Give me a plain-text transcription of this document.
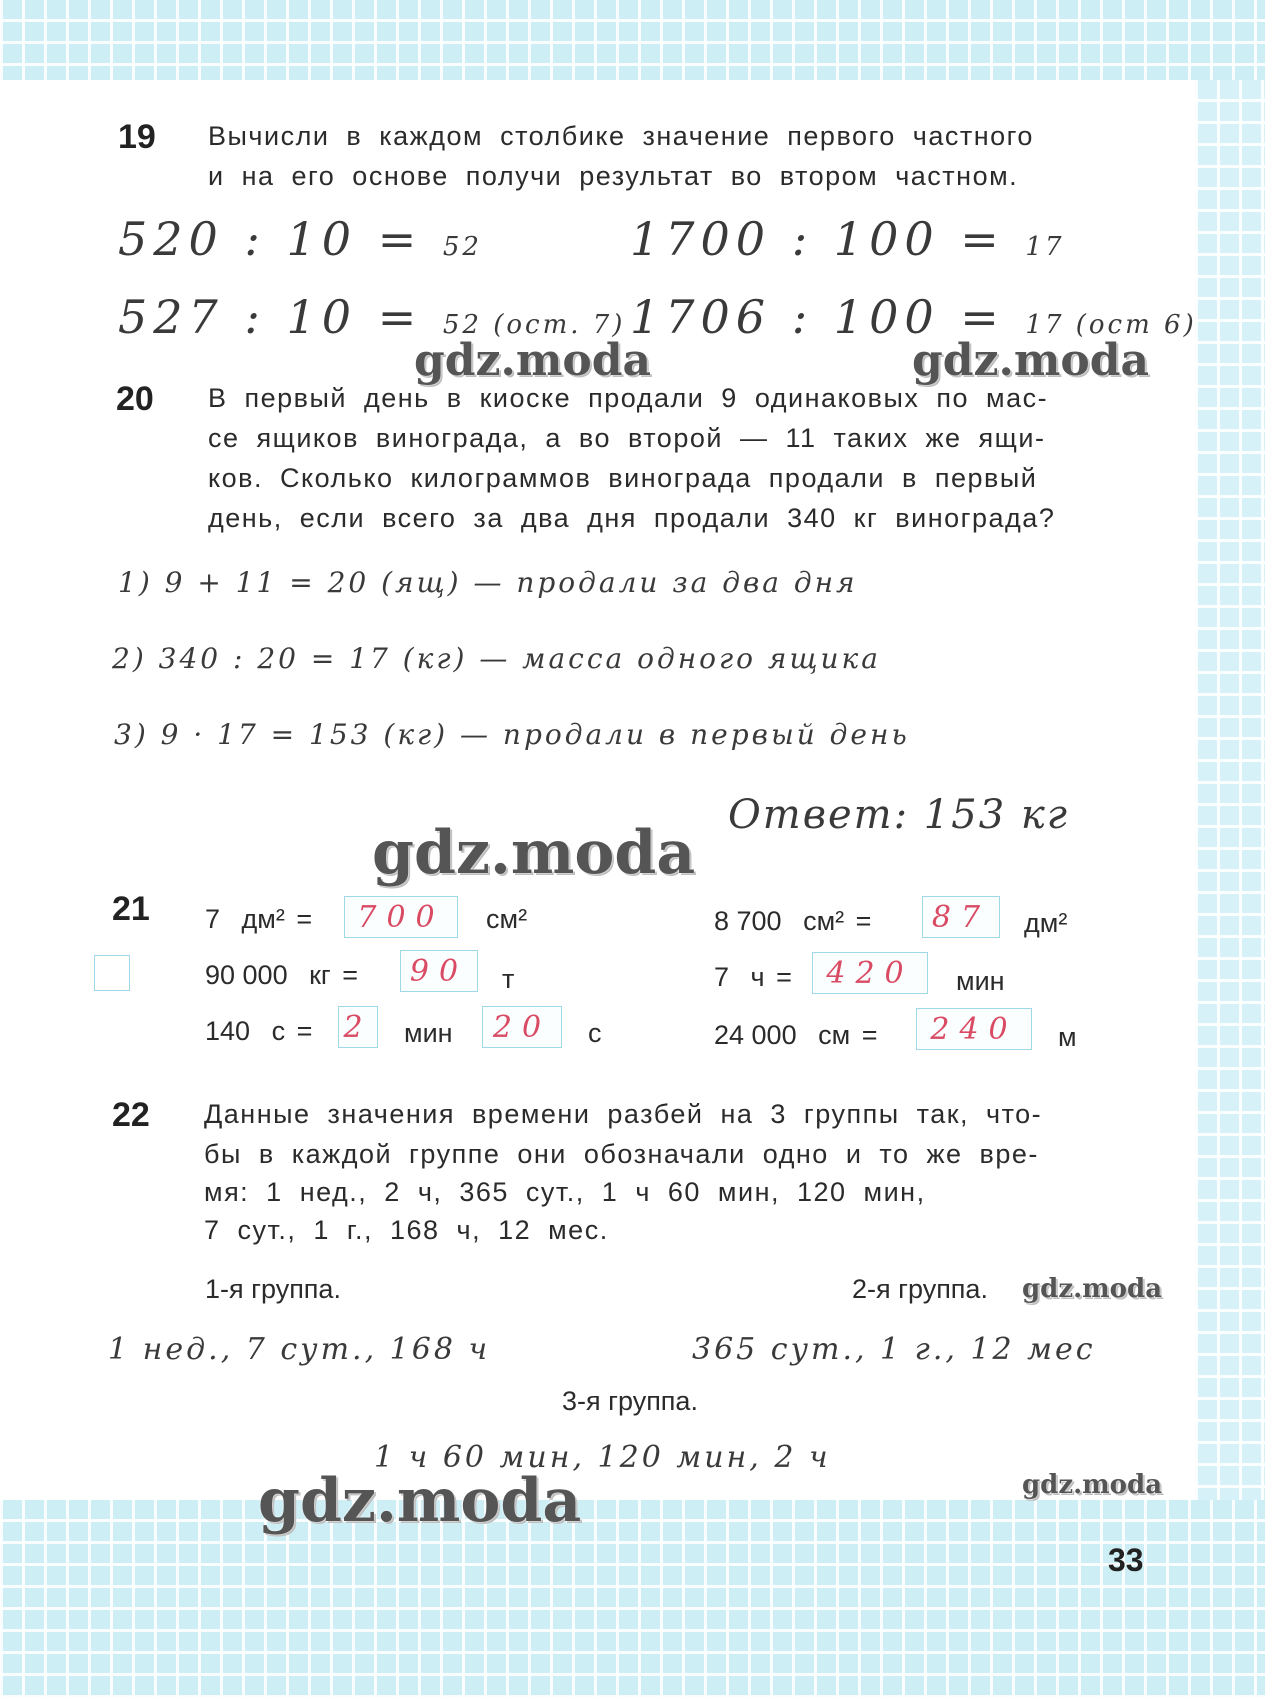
19 Вычисли в каждом столбике значение первого частного
и на его основе получи результат во втором частном.
520 : 10 = 52
527 : 10 = 52 (ост. 7)
1700 : 100 = 17
1706 : 100 = 17 (ост 6)
gdz.moda	gdz.moda
20 В первый день в киоске продали 9 одинаковых по мас-
се ящиков винограда, а во второй — 11 таких же ящи-
ков. Сколько килограммов винограда продали в первый
день, если всего за два дня продали 340 кг винограда?
1) 9 + 11 = 20 (ящ) — продали за два дня
2) 340 : 20 = 17 (кг) — масса одного ящика
3) 9 · 17 = 153 (кг) — продали в первый день
Ответ: 153 кг
gdz.moda
21 7 дм² =	700	см²
90 000 кг =	90	т
140 с = 2 мин	20	с
8 700 см² =	87	дм²
7 ч =	420	мин
24 000 см =	240	м
22 Данные значения времени разбей на 3 группы так, что-
бы в каждой группе они обозначали одно и то же вре-
мя: 1 нед., 2 ч, 365 сут., 1 ч 60 мин, 120 мин,
7 сут., 1 г., 168 ч, 12 мес.
1-я группа.	2-я группа. gdz.moda
1 нед., 7 сут., 168 ч	365 сут., 1 г., 12 мес
3-я группа.
1 ч 60 мин, 120 мин, 2 ч
gdz.moda
gdz.moda
33
